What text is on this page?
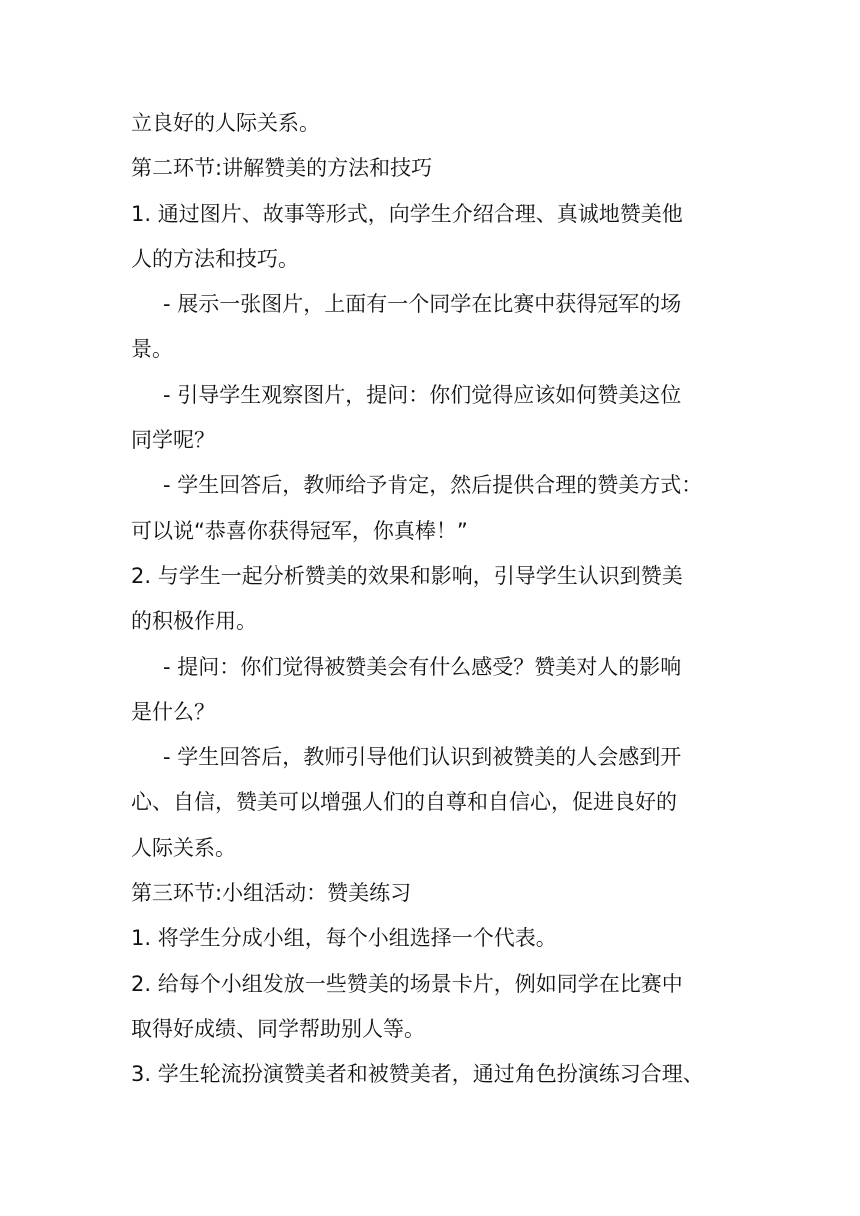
立良好的人际关系。
第二环节:讲解赞美的方法和技巧
1. 通过图片、故事等形式，向学生介绍合理、真诚地赞美他
人的方法和技巧。
- 展示一张图片，上面有一个同学在比赛中获得冠军的场
景。
- 引导学生观察图片，提问：你们觉得应该如何赞美这位
同学呢？
- 学生回答后，教师给予肯定，然后提供合理的赞美方式：
可以说“恭喜你获得冠军，你真棒！”
2. 与学生一起分析赞美的效果和影响，引导学生认识到赞美
的积极作用。
- 提问：你们觉得被赞美会有什么感受？赞美对人的影响
是什么？
- 学生回答后，教师引导他们认识到被赞美的人会感到开
心、自信，赞美可以增强人们的自尊和自信心，促进良好的
人际关系。
第三环节:小组活动：赞美练习
1. 将学生分成小组，每个小组选择一个代表。
2. 给每个小组发放一些赞美的场景卡片，例如同学在比赛中
取得好成绩、同学帮助别人等。
3. 学生轮流扮演赞美者和被赞美者，通过角色扮演练习合理、
